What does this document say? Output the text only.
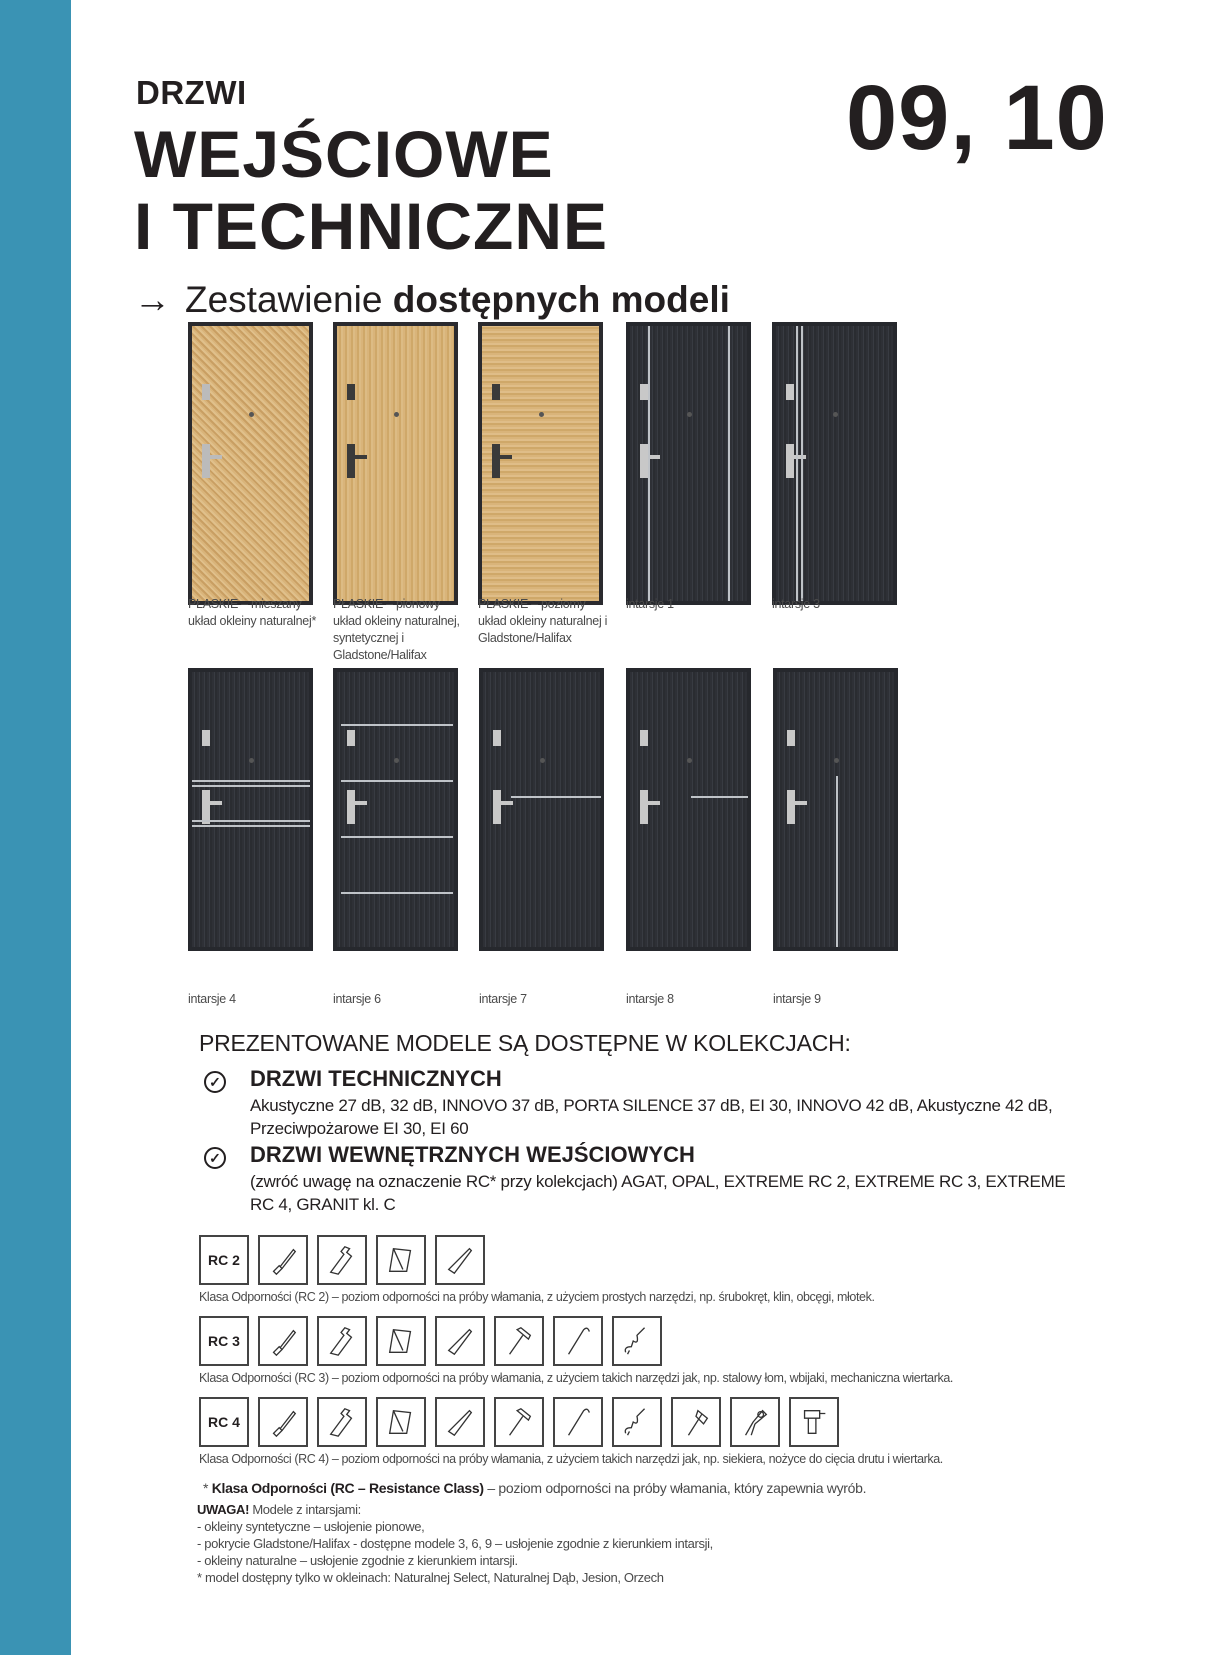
DRZWI
WEJŚCIOWE
I TECHNICZNE
09, 10
→ Zestawienie dostępnych modeli
PŁASKIE – mieszany układ okleiny naturalnej*
PŁASKIE – pionowy układ okleiny naturalnej, syntetycznej i Gladstone/Halifax
PŁASKIE – poziomy układ okleiny naturalnej i Gladstone/Halifax
intarsje 1	intarsje 3
intarsje 4	intarsje 6	intarsje 7	intarsje 8	intarsje 9
PREZENTOWANE MODELE SĄ DOSTĘPNE W KOLEKCJACH:
✓ DRZWI TECHNICZNYCH
Akustyczne 27 dB, 32 dB, INNOVO 37 dB, PORTA SILENCE 37 dB, EI 30, INNOVO 42 dB, Akustyczne 42 dB, Przeciwpożarowe EI 30, EI 60
✓ DRZWI WEWNĘTRZNYCH WEJŚCIOWYCH
(zwróć uwagę na oznaczenie RC* przy kolekcjach) AGAT, OPAL, EXTREME RC 2, EXTREME RC 3, EXTREME RC 4, GRANIT kl. C
RC 2
Klasa Odporności (RC 2) – poziom odporności na próby włamania, z użyciem prostych narzędzi, np. śrubokręt, klin, obcęgi, młotek.
RC 3
Klasa Odporności (RC 3) – poziom odporności na próby włamania, z użyciem takich narzędzi jak, np. stalowy łom, wbijaki, mechaniczna wiertarka.
RC 4
Klasa Odporności (RC 4) – poziom odporności na próby włamania, z użyciem takich narzędzi jak, np. siekiera, nożyce do cięcia drutu i wiertarka.
* Klasa Odporności (RC – Resistance Class) – poziom odporności na próby włamania, który zapewnia wyrób.
UWAGA! Modele z intarsjami:
- okleiny syntetyczne – usłojenie pionowe,
- pokrycie Gladstone/Halifax - dostępne modele 3, 6, 9 – usłojenie zgodnie z kierunkiem intarsji,
- okleiny naturalne – usłojenie zgodnie z kierunkiem intarsji.
* model dostępny tylko w okleinach: Naturalnej Select, Naturalnej Dąb, Jesion, Orzech
